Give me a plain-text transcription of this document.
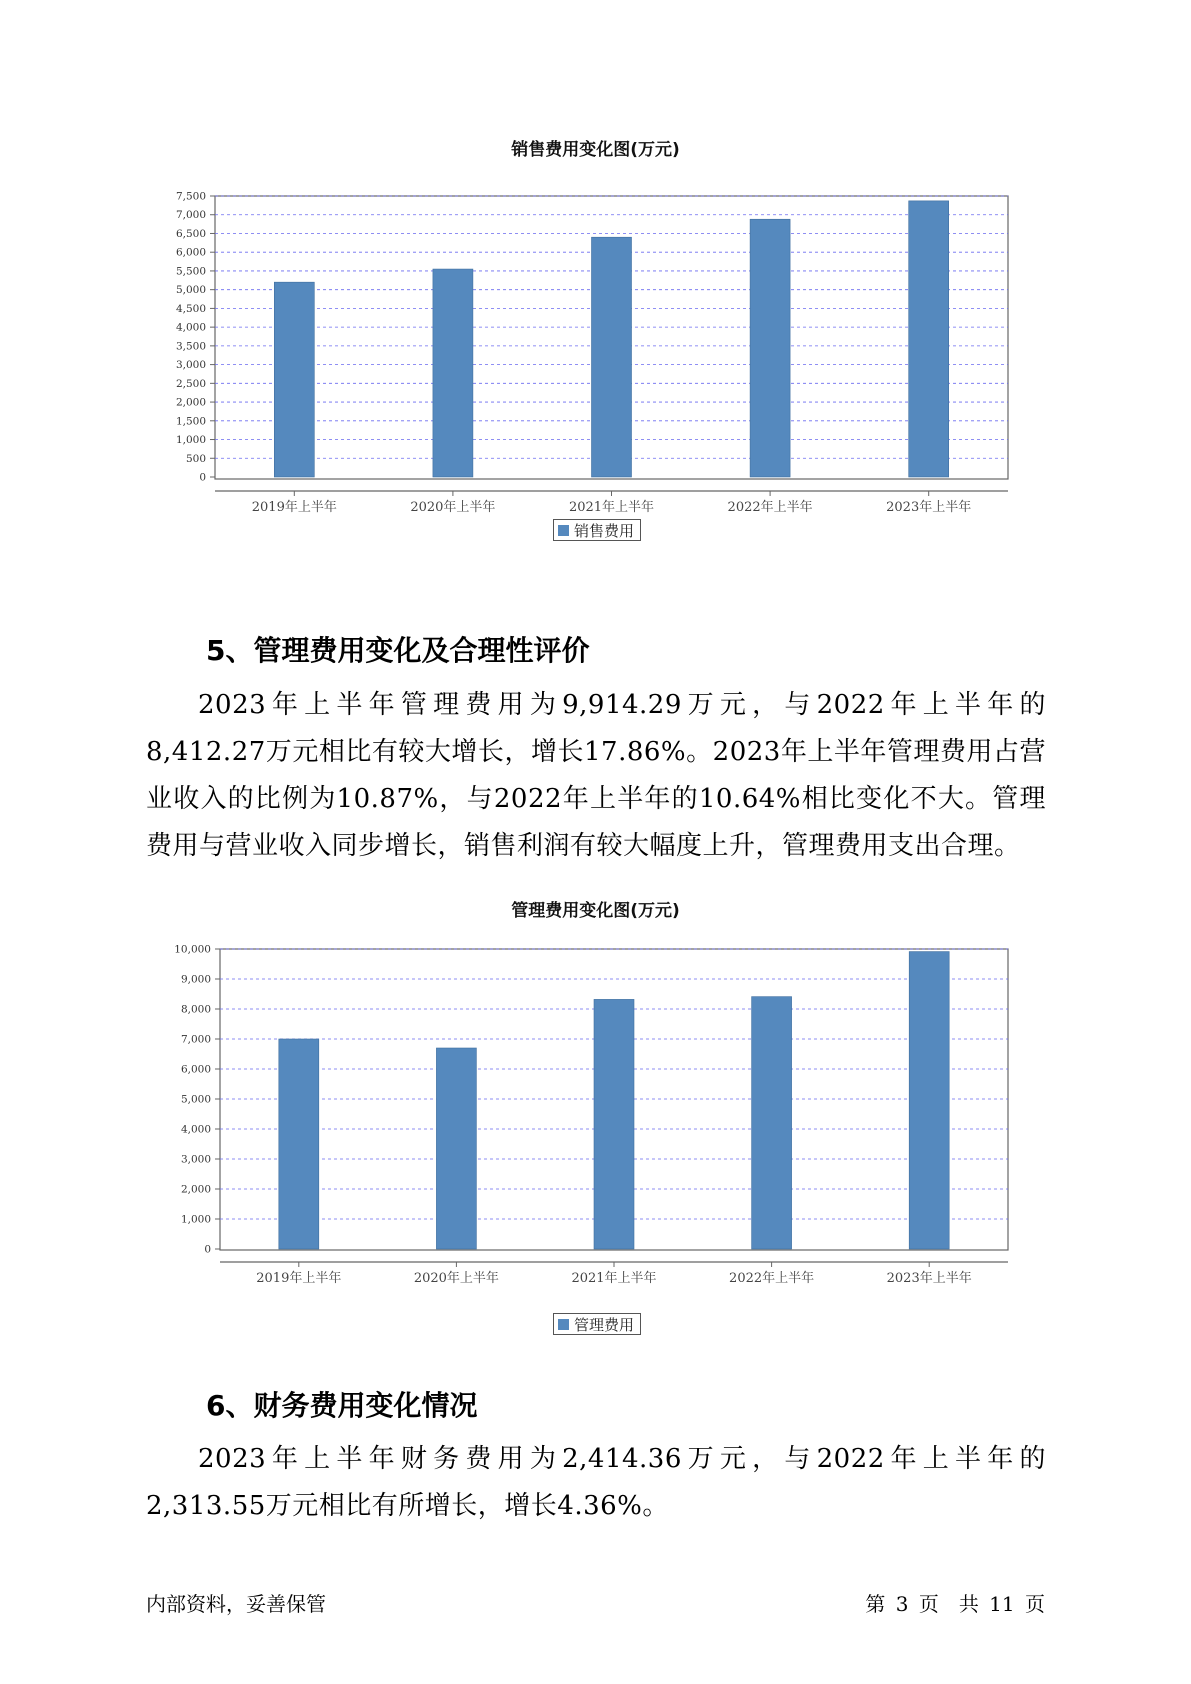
销售费用变化图(万元)
0
500
1,000
1,500
2,000
2,500
3,000
3,500
4,000
4,500
5,000
5,500
6,000
6,500
7,000
7,500
2019年上半年	2020年上半年	2021年上半年	2022年上半年	2023年上半年
销售费用
5、管理费用变化及合理性评价

2023年上半年管理费用为9,914.29万元，与2022年上半年的8,412.27万元相比有较大增长，增长17.86%。2023年上半年管理费用占营业收入的比例为10.87%，与2022年上半年的10.64%相比变化不大。管理费用与营业收入同步增长，销售利润有较大幅度上升，管理费用支出合理。

管理费用变化图(万元)
0
1,000
2,000
3,000
4,000
5,000
6,000
7,000
8,000
9,000
10,000
2019年上半年	2020年上半年	2021年上半年	2022年上半年	2023年上半年
管理费用
6、财务费用变化情况

2023年上半年财务费用为2,414.36万元，与2022年上半年的2,313.55万元相比有所增长，增长4.36%。

内部资料，妥善保管	第 3 页　共 11 页
